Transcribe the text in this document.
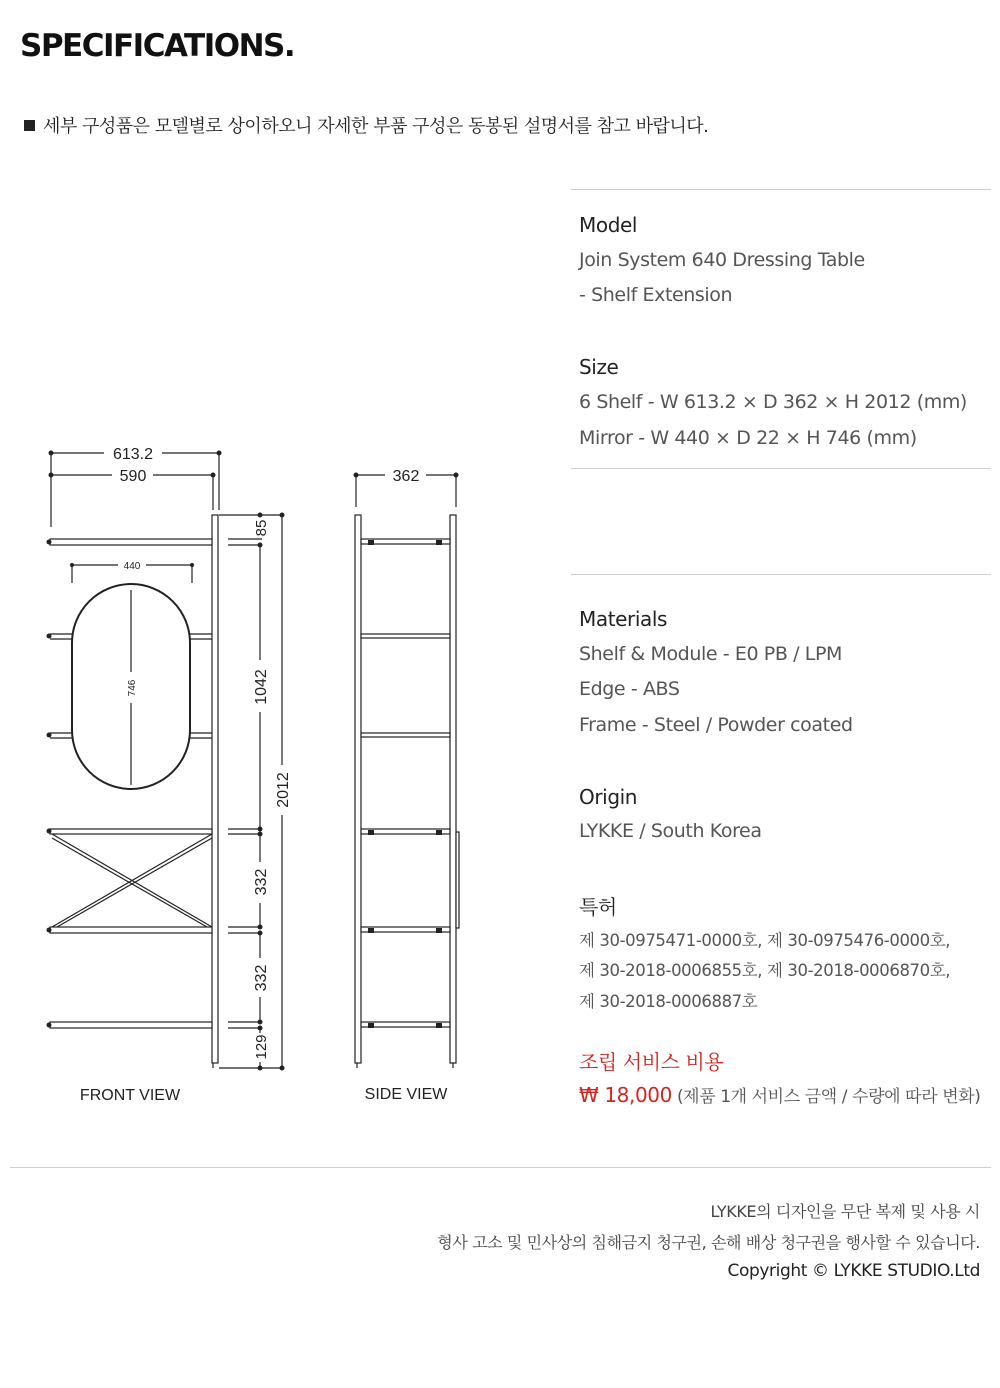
SPECIFICATIONS.
세부 구성품은 모델별로 상이하오니 자세한 부품 구성은 동봉된 설명서를 참고 바랍니다.
613.2
590
440
746
85
1042
2012
332
332
129
362
FRONT VIEW	SIDE VIEW
Model
Join System 640 Dressing Table
- Shelf Extension
Size
6 Shelf - W 613.2 × D 362 × H 2012 (mm)
Mirror - W 440 × D 22 × H 746 (mm)
Materials
Shelf & Module - E0 PB / LPM
Edge - ABS
Frame - Steel / Powder coated
Origin
LYKKE / South Korea
특허
제 30-0975471-0000호, 제 30-0975476-0000호,
제 30-2018-0006855호, 제 30-2018-0006870호,
제 30-2018-0006887호
조립 서비스 비용
₩ 18,000 (제품 1개 서비스 금액 / 수량에 따라 변화)
LYKKE의 디자인을 무단 복제 및 사용 시
형사 고소 및 민사상의 침해금지 청구권, 손해 배상 청구권을 행사할 수 있습니다.
Copyright © LYKKE STUDIO.Ltd
